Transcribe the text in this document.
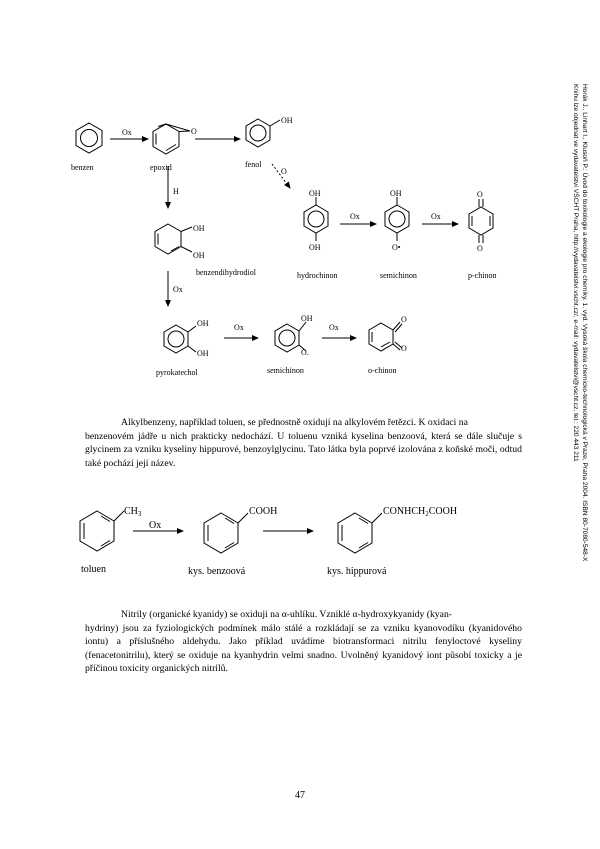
benzen	epoxid	fenol
Ox	O
OH
O
H
OH
OH
benzendihydrodiol
Ox
OH
OH
hydrochinon
Ox
OH
O•
semichinon
Ox
O
O
p-chinon
OH
OH
pyrokatechol
Ox
OH
O.
semichinon
Ox
O
O
o-chinon
$CH_3$
toluen
Ox
COOH
kys. benzoová
$CONHCH_2COOH$
kys. hippurová
Horák J., Linhart I., Klusoň P.: Úvod do toxikologie a ekologie pro chemiky. 1. vyd. Vysoká škola chemicko-technologická v Praze, Praha 2004. ISBN 80-7080-548-X
Knihu lze objednat ve vydavatelství VŠCHT Praha, http://vydavatelstvi.vscht.cz/, e-mail: vydavatelstvi@vscht.cz, tel.: 220 443 211

Alkylbenzeny, například toluen, se přednostně oxidují na alkylovém řetězci. K oxidaci na
benzenovém jádře u nich prakticky nedochází. U toluenu vzniká kyselina benzoová, která se dále slučuje s glycinem za vzniku kyseliny hippurové, benzoylglycinu. Tato látka byla poprvé izolována z koňské moči, odtud také pochází její název.

Nitrily (organické kyanidy) se oxidují na α-uhlíku. Vzniklé α-hydroxykyanidy (kyan-
hydriny) jsou za fyziologických podmínek málo stálé a rozkládají se za vzniku kyanovodíku (kyanidového iontu) a příslušného aldehydu. Jako příklad uvádíme biotransformaci nitrilu fenyloctové kyseliny (fenacetonitrilu), který se oxiduje na kyanhydrin velmi snadno. Uvolněný kyanidový iont působí toxicky a je příčinou toxicity organických nitrilů.

47
